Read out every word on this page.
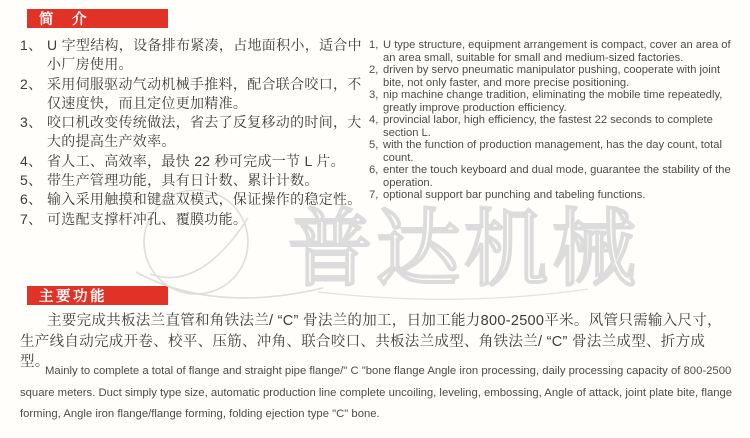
普达机械
简　介
1、 U 字型结构，设备排布紧凑，占地面积小，适合中小厂房使用。
2、 采用伺服驱动气动机械手推料，配合联合咬口，不仅速度快，而且定位更加精准。
3、 咬口机改变传统做法，省去了反复移动的时间，大大的提高生产效率。
4、 省人工、高效率，最快 22 秒可完成一节 L 片。
5、 带生产管理功能，具有日计数、累计计数。
6、 输入采用触摸和键盘双模式，保证操作的稳定性。
7、 可选配支撑杆冲孔、覆膜功能。
1, U type structure, equipment arrangement is compact, cover an area of an area small, suitable for small and medium-sized factories.
2, driven by servo pneumatic manipulator pushing, cooperate with joint bite, not only faster, and more precise positioning.
3, nip machine change tradition, eliminating the mobile time repeatedly, greatly improve production efficiency.
4, provincial labor, high efficiency, the fastest 22 seconds to complete section L.
5, with the function of production management, has the day count, total count.
6, enter the touch keyboard and dual mode, guarantee the stability of the operation.
7, optional support bar punching and tabeling functions.
主要功能

主要完成共板法兰直管和角铁法兰/ “C” 骨法兰的加工，日加工能力800-2500平米。风管只需输入尺寸，生产线自动完成开卷、校平、压筋、冲角、联合咬口、共板法兰成型、角铁法兰/ “C” 骨法兰成型、折方成型。

Mainly to complete a total of flange and straight pipe flange/" C "bone flange Angle iron processing, daily processing capacity of 800-2500 square meters. Duct simply type size, automatic production line complete uncoiling, leveling, embossing, Angle of attack, joint plate bite, flange forming, Angle iron flange/flange forming, folding ejection type "C" bone.
